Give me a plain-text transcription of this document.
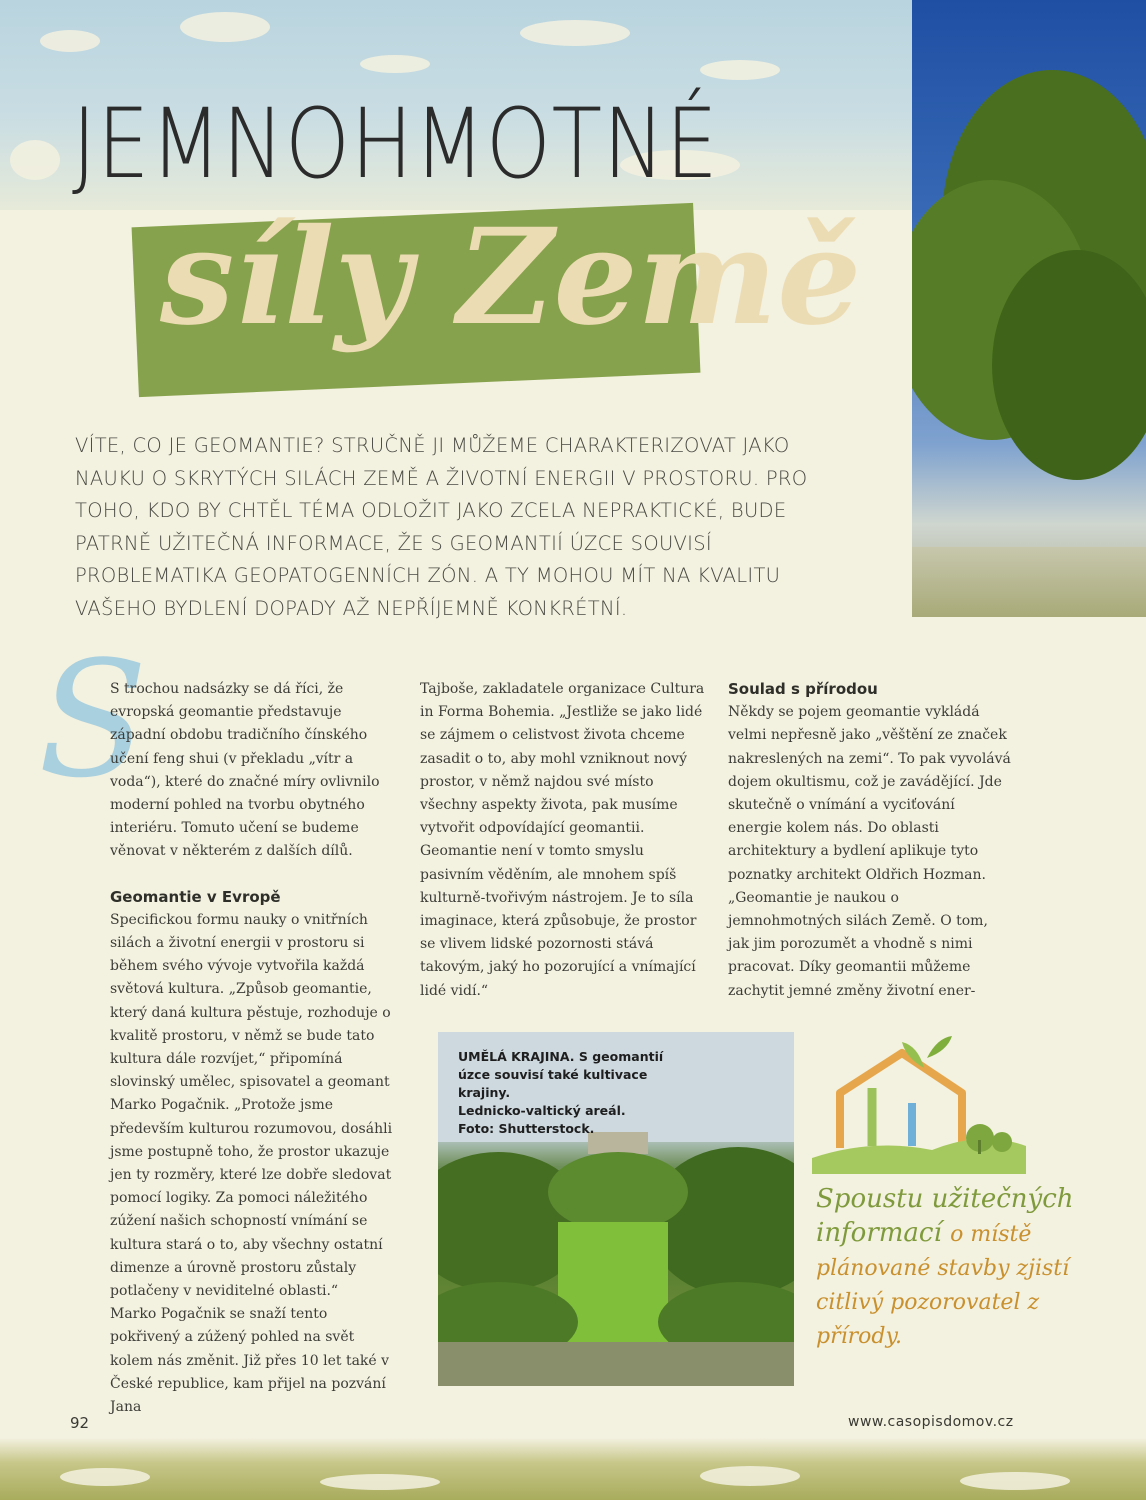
JEMNOHMOTNÉ
síly Země

VÍTE, CO JE GEOMANTIE? STRUČNĚ JI MŮŽEME CHARAKTERIZOVAT JAKO NAUKU O SKRYTÝCH SILÁCH ZEMĚ A ŽIVOTNÍ ENERGII V PROSTORU. PRO TOHO, KDO BY CHTĚL TÉMA ODLOŽIT JAKO ZCELA NEPRAKTICKÉ, BUDE PATRNĚ UŽITEČNÁ INFORMACE, ŽE S GEOMANTIÍ ÚZCE SOUVISÍ PROBLEMATIKA GEOPATOGENNÍCH ZÓN. A TY MOHOU MÍT NA KVALITU VAŠEHO BYDLENÍ DOPADY AŽ NEPŘÍJEMNĚ KONKRÉTNÍ.

S

S trochou nadsázky se dá říci, že evropská geomantie představuje západní obdobu tradičního čínského učení feng shui (v překladu „vítr a voda“), které do značné míry ovlivnilo moderní pohled na tvorbu obytného interiéru. Tomuto učení se budeme věnovat v některém z dalších dílů.

Geomantie v Evropě

Specifickou formu nauky o vnitřních silách a životní energii v prostoru si během svého vývoje vytvořila každá světová kultura. „Způsob geomantie, který daná kultura pěstuje, rozhoduje o kvalitě prostoru, v němž se bude tato kultura dále rozvíjet,“ připomíná slovinský umělec, spisovatel a geomant Marko Pogačnik. „Protože jsme především kulturou rozumovou, dosáhli jsme postupně toho, že prostor ukazuje jen ty rozměry, které lze dobře sledovat pomocí logiky. Za pomoci náležitého zúžení našich schopností vnímání se kultura stará o to, aby všechny ostatní dimenze a úrovně prostoru zůstaly potlačeny v neviditelné oblasti.“

Marko Pogačnik se snaží tento pokřivený a zúžený pohled na svět kolem nás změnit. Již přes 10 let také v České republice, kam přijel na pozvání Jana

Tajboše, zakladatele organizace Cultura in Forma Bohemia. „Jestliže se jako lidé se zájmem o celistvost života chceme zasadit o to, aby mohl vzniknout nový prostor, v němž najdou své místo všechny aspekty života, pak musíme vytvořit odpovídající geomantii. Geomantie není v tomto smyslu pasivním věděním, ale mnohem spíš kulturně-tvořivým nástrojem. Je to síla imaginace, která způsobuje, že prostor se vlivem lidské pozornosti stává takovým, jaký ho pozorující a vnímající lidé vidí.“

Soulad s přírodou

Někdy se pojem geomantie vykládá velmi nepřesně jako „věštění ze značek nakreslených na zemi“. To pak vyvolává dojem okultismu, což je zavádějící. Jde skutečně o vnímání a vyciťování energie kolem nás. Do oblasti architektury a bydlení aplikuje tyto poznatky architekt Oldřich Hozman. „Geomantie je naukou o jemnohmotných silách Země. O tom, jak jim porozumět a vhodně s nimi pracovat. Díky geomantii můžeme zachytit jemné změny životní ener-

UMĚLÁ KRAJINA. S geomantií
úzce souvisí také kultivace krajiny.
Lednicko-valtický areál.
Foto: Shutterstock.

Spoustu užitečných informací o místě
plánované stavby zjistí citlivý pozorovatel z přírody.

92	www.casopisdomov.cz
